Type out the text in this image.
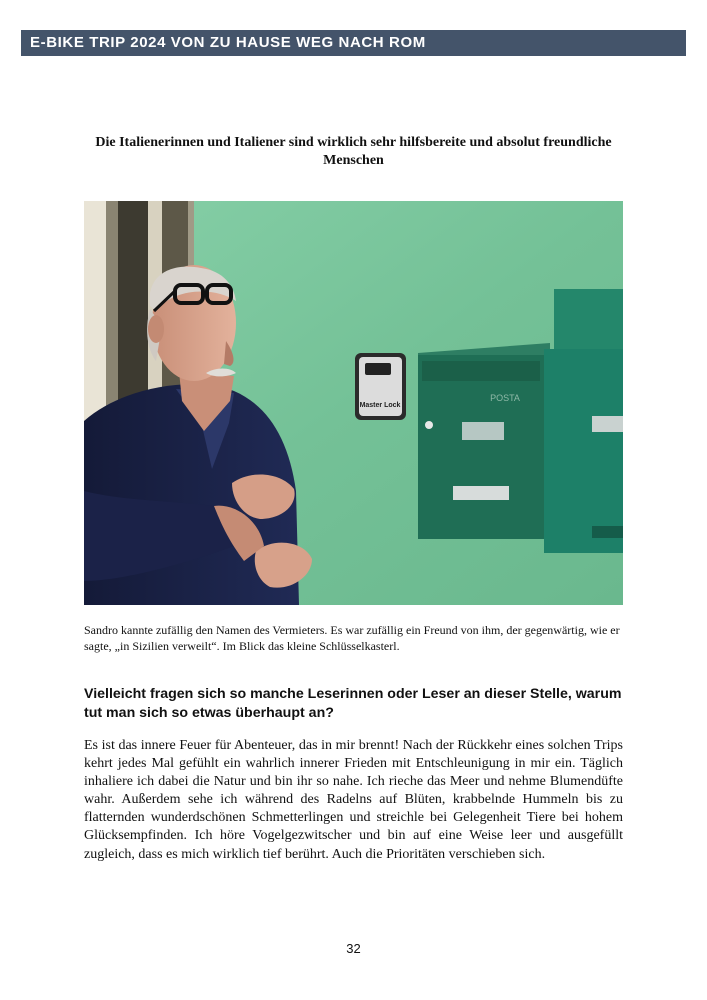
E-BIKE TRIP 2024 VON ZU HAUSE WEG NACH ROM
Die Italienerinnen und Italiener sind wirklich sehr hilfsbereite und absolut freundliche Menschen
Master Lock
POSTA
Sandro kannte zufällig den Namen des Vermieters. Es war zufällig ein Freund von ihm, der gegenwärtig, wie er sagte, „in Sizilien verweilt“. Im Blick das kleine Schlüsselkasterl.
Vielleicht fragen sich so manche Leserinnen oder Leser an dieser Stelle, warum tut man sich so etwas überhaupt an?
Es ist das innere Feuer für Abenteuer, das in mir brennt! Nach der Rückkehr eines solchen Trips kehrt jedes Mal gefühlt ein wahrlich innerer Frieden mit Entschleunigung in mir ein. Täglich inhaliere ich dabei die Natur und bin ihr so nahe. Ich rieche das Meer und nehme Blumendüfte wahr. Außerdem sehe ich während des Radelns auf Blüten, krabbelnde Hummeln bis zu flatternden wunderdschönen Schmetterlingen und streichle bei Gelegenheit Tiere bei hohem Glücksempfinden. Ich höre Vogelgezwitscher und bin auf eine Weise leer und ausgefüllt zugleich, dass es mich wirklich tief berührt. Auch die Prioritäten verschieben sich.
32
